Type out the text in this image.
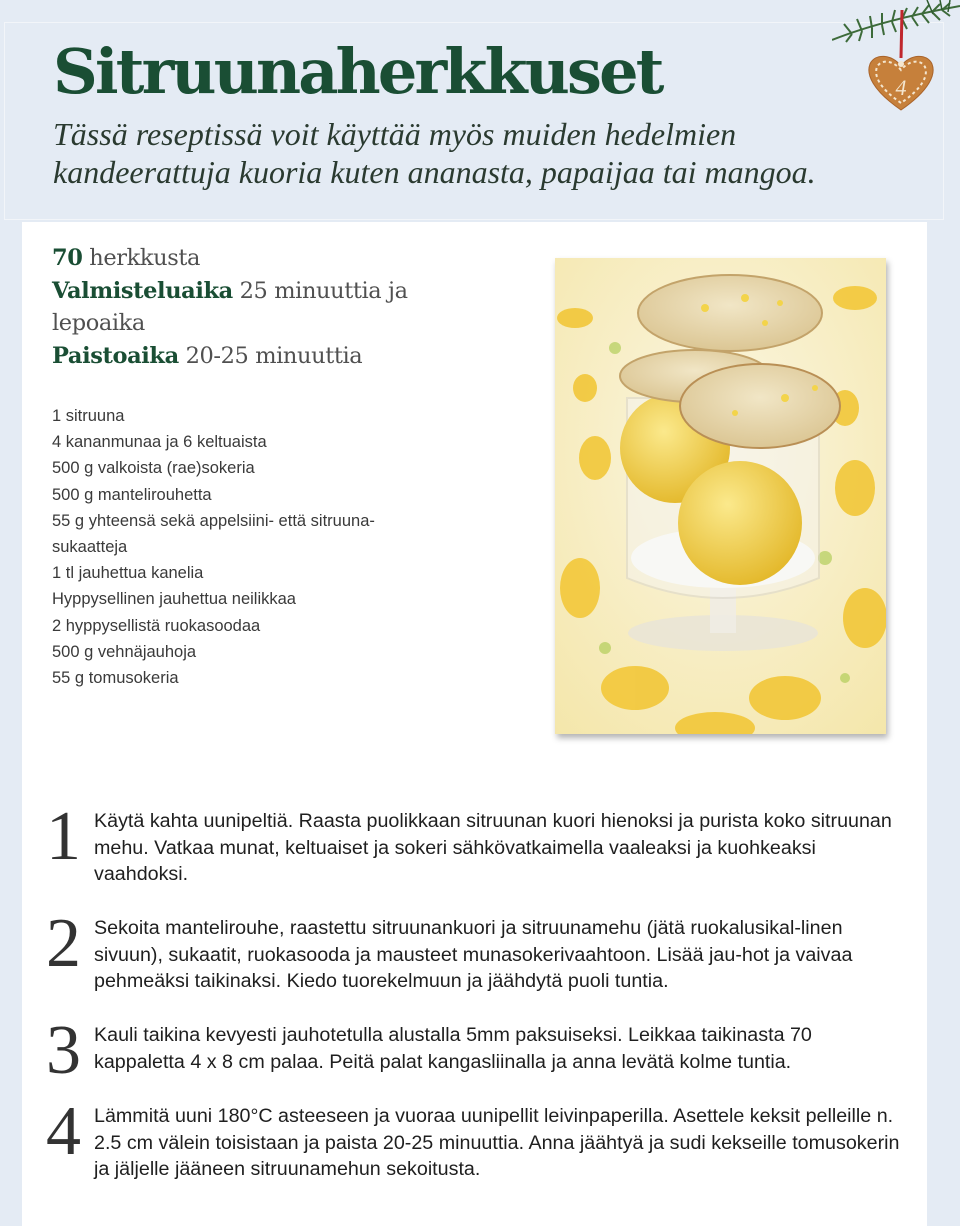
Sitruunaherkkuset

Tässä reseptissä voit käyttää myös muiden hedelmien kandeerattuja kuoria kuten ananasta, papaijaa tai mangoa.

4
70 herkkusta
Valmisteluaika 25 minuuttia ja
lepoaika
Paistoaika 20-25 minuuttia
1 sitruuna
4 kananmunaa ja 6 keltuaista
500 g valkoista (rae)sokeria
500 g mantelirouhetta
55 g yhteensä sekä appelsiini- että sitruuna-
sukaatteja
1 tl jauhettua kanelia
Hyppysellinen jauhettua neilikkaa
2 hyppysellistä ruokasoodaa
500 g vehnäjauhoja
55 g tomusokeria
1 Käytä kahta uunipeltiä. Raasta puolikkaan sitruunan kuori hienoksi ja purista koko sitruunan mehu. Vatkaa munat, keltuaiset ja sokeri sähkövatkaimella vaaleaksi ja kuohkeaksi vaahdoksi.

2 Sekoita mantelirouhe, raastettu sitruunankuori ja sitruunamehu (jätä ruokalusikal-linen sivuun), sukaatit, ruokasooda ja mausteet munasokerivaahtoon. Lisää jau-hot ja vaivaa pehmeäksi taikinaksi. Kiedo tuorekelmuun ja jäähdytä puoli tuntia.

3 Kauli taikina kevyesti jauhotetulla alustalla 5mm paksuiseksi. Leikkaa taikinasta 70 kappaletta 4 x 8 cm palaa. Peitä palat kangasliinalla ja anna levätä kolme tuntia.

4 Lämmitä uuni 180°C asteeseen ja vuoraa uunipellit leivinpaperilla. Asettele keksit pelleille n. 2.5 cm välein toisistaan ja paista 20-25 minuuttia. Anna jäähtyä ja sudi kekseille tomusokerin ja jäljelle jääneen sitruunamehun sekoitusta.
